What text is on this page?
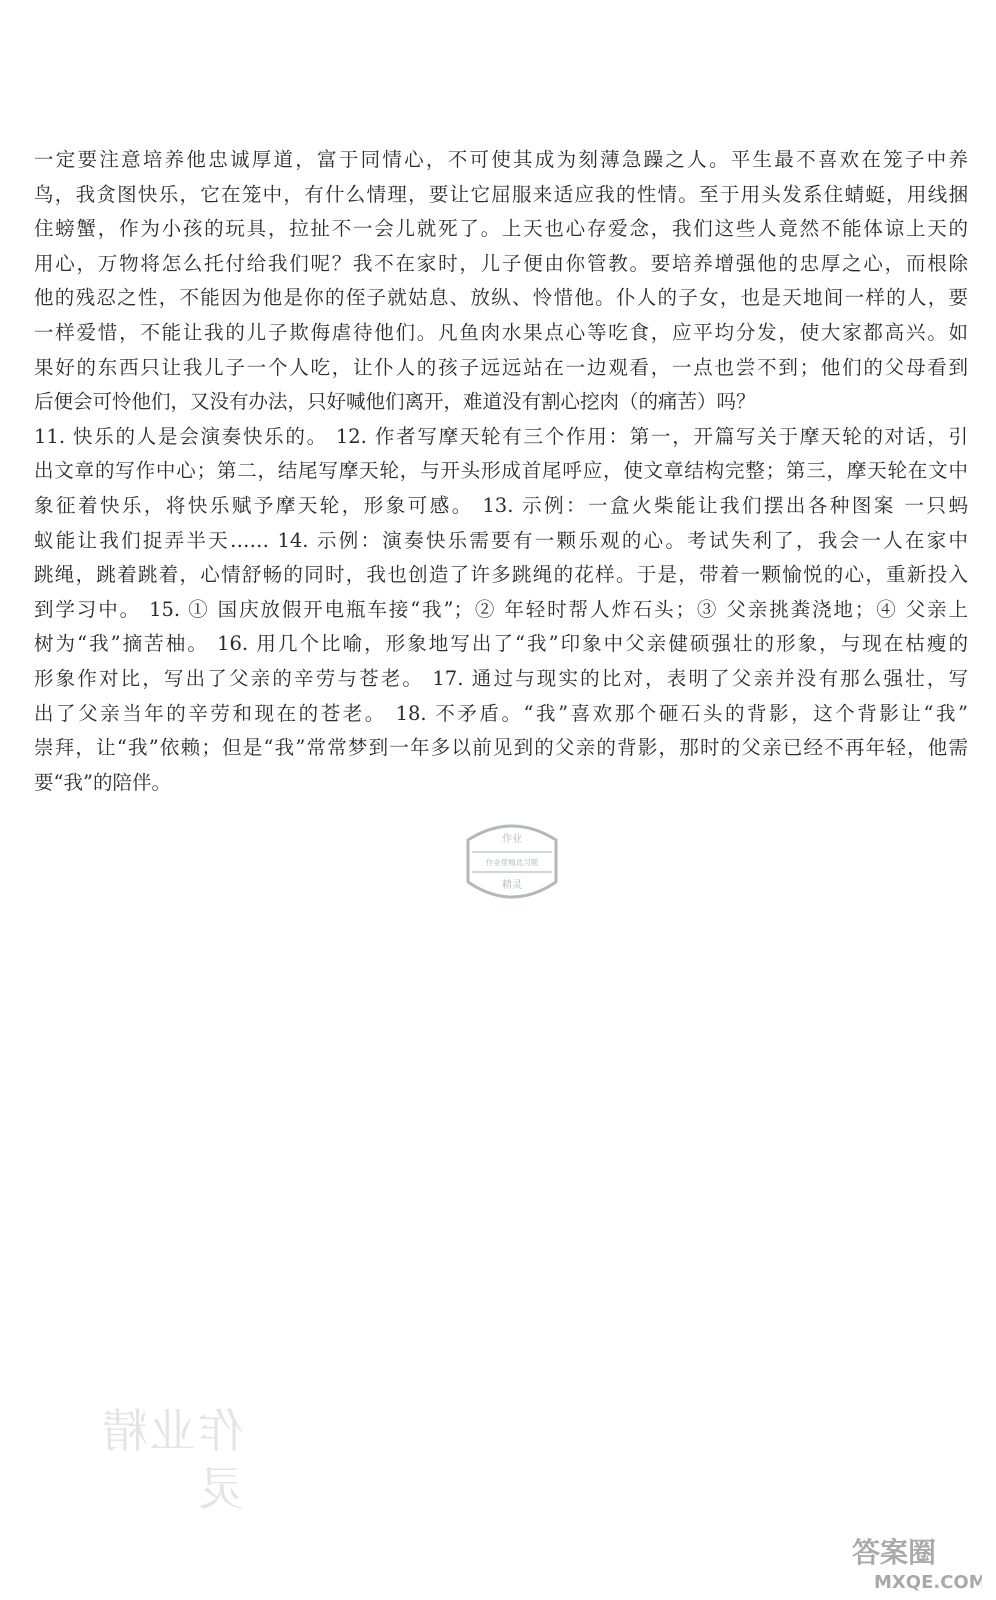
一定要注意培养他忠诚厚道，富于同情心，不可使其成为刻薄急躁之人。平生最不喜欢在笼子中养
鸟，我贪图快乐，它在笼中，有什么情理，要让它屈服来适应我的性情。至于用头发系住蜻蜓，用线捆
住螃蟹，作为小孩的玩具，拉扯不一会儿就死了。上天也心存爱念，我们这些人竟然不能体谅上天的
用心，万物将怎么托付给我们呢？我不在家时，儿子便由你管教。要培养增强他的忠厚之心，而根除
他的残忍之性，不能因为他是你的侄子就姑息、放纵、怜惜他。仆人的子女，也是天地间一样的人，要
一样爱惜，不能让我的儿子欺侮虐待他们。凡鱼肉水果点心等吃食，应平均分发，使大家都高兴。如
果好的东西只让我儿子一个人吃，让仆人的孩子远远站在一边观看，一点也尝不到；他们的父母看到
后便会可怜他们，又没有办法，只好喊他们离开，难道没有割心挖肉（的痛苦）吗？
11. 快乐的人是会演奏快乐的。 12. 作者写摩天轮有三个作用：第一，开篇写关于摩天轮的对话，引
出文章的写作中心；第二，结尾写摩天轮，与开头形成首尾呼应，使文章结构完整；第三，摩天轮在文中
象征着快乐，将快乐赋予摩天轮，形象可感。 13. 示例：一盒火柴能让我们摆出各种图案 一只蚂
蚁能让我们捉弄半天…… 14. 示例：演奏快乐需要有一颗乐观的心。考试失利了，我会一人在家中
跳绳，跳着跳着，心情舒畅的同时，我也创造了许多跳绳的花样。于是，带着一颗愉悦的心，重新投入
到学习中。 15. ① 国庆放假开电瓶车接“我”；② 年轻时帮人炸石头；③ 父亲挑粪浇地；④ 父亲上
树为“我”摘苦柚。 16. 用几个比喻，形象地写出了“我”印象中父亲健硕强壮的形象，与现在枯瘦的
形象作对比，写出了父亲的辛劳与苍老。 17. 通过与现实的比对，表明了父亲并没有那么强壮，写
出了父亲当年的辛劳和现在的苍老。 18. 不矛盾。“我”喜欢那个砸石头的背影，这个背影让“我”
崇拜，让“我”依赖；但是“我”常常梦到一年多以前见到的父亲的背影，那时的父亲已经不再年轻，他需
要“我”的陪伴。
作业
作业帮精选习题
精灵
作业精灵
答案圈
MXQE.COM
